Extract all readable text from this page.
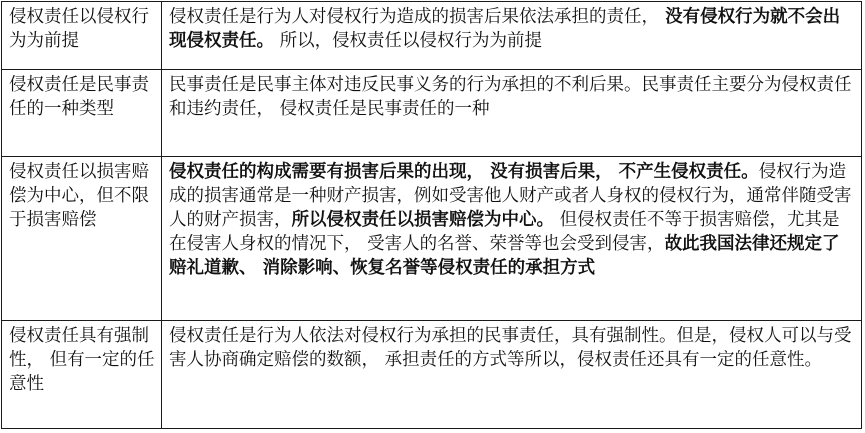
侵权责任以侵权行为为前提	侵权责任是行为人对侵权行为造成的损害后果依法承担的责任， 没有侵权行为就不会出现侵权责任。 所以，侵权责任以侵权行为为前提
侵权责任是民事责任的一种类型	民事责任是民事主体对违反民事义务的行为承担的不利后果。民事责任主要分为侵权责任和违约责任， 侵权责任是民事责任的一种
侵权责任以损害赔偿为中心，但不限于损害赔偿	侵权责任的构成需要有损害后果的出现， 没有损害后果， 不产生侵权责任。侵权行为造成的损害通常是一种财产损害，例如受害他人财产或者人身权的侵权行为，通常伴随受害人的财产损害，所以侵权责任以损害赔偿为中心。 但侵权责任不等于损害赔偿，尤其是在侵害人身权的情况下， 受害人的名誉、荣誉等也会受到侵害，故此我国法律还规定了赔礼道歉、 消除影响、恢复名誉等侵权责任的承担方式
侵权责任具有强制性， 但有一定的任意性	侵权责任是行为人依法对侵权行为承担的民事责任，具有强制性。但是，侵权人可以与受害人协商确定赔偿的数额， 承担责任的方式等所以，侵权责任还具有一定的任意性。
